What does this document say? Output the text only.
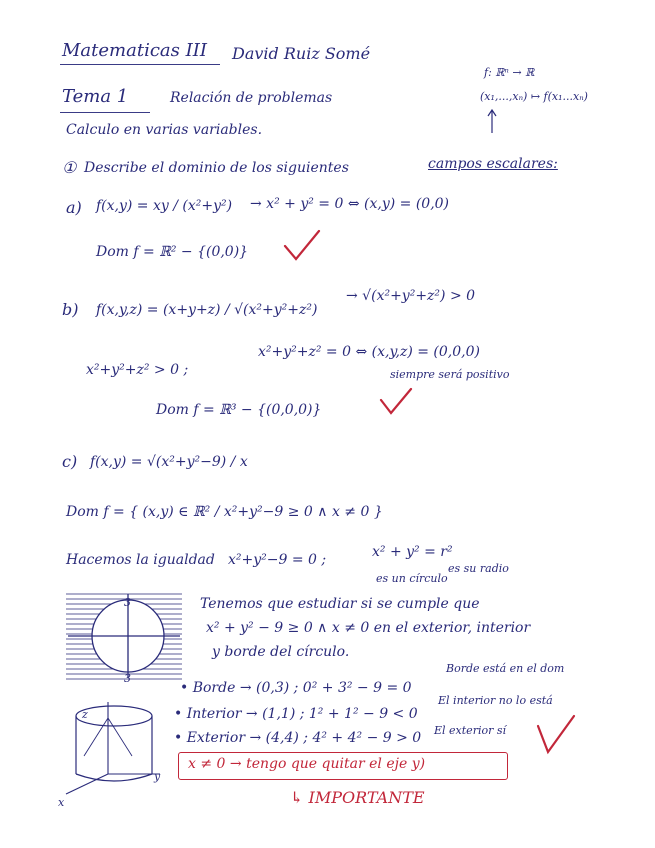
Matematicas III David Ruiz Somé
f: ℝⁿ → ℝ
(x₁,...,xₙ) ↦ f(x₁...xₙ)
Tema 1	Relación de problemas
Calculo en varias variables.
① Describe el dominio de los siguientes	campos escalares:
a) f(x,y) = xy / (x²+y²) → x² + y² = 0 ⇔ (x,y) = (0,0)
Dom f = ℝ² − {(0,0)}
b) f(x,y,z) = (x+y+z) / √(x²+y²+z²)
→ √(x²+y²+z²) > 0
x²+y²+z² > 0 ;
x²+y²+z² = 0 ⇔ (x,y,z) = (0,0,0)
siempre será positivo
Dom f = ℝ³ − {(0,0,0)}
c) f(x,y) = √(x²+y²−9) / x
Dom f = { (x,y) ∈ ℝ² / x²+y²−9 ≥ 0 ∧ x ≠ 0 }
Hacemos la igualdad x²+y²−9 = 0 ;	x² + y² = r²
es un círculo
es su radio
3
3
z
y
x
Tenemos que estudiar si se cumple que
x² + y² − 9 ≥ 0 ∧ x ≠ 0 en el exterior, interior
y borde del círculo.
• Borde → (0,3) ; 0² + 3² − 9 = 0
Borde está en el dom
• Interior → (1,1) ; 1² + 1² − 9 < 0
El interior no lo está
• Exterior → (4,4) ; 4² + 4² − 9 > 0 El exterior sí
x ≠ 0 → tengo que quitar el eje y)
↳ IMPORTANTE
